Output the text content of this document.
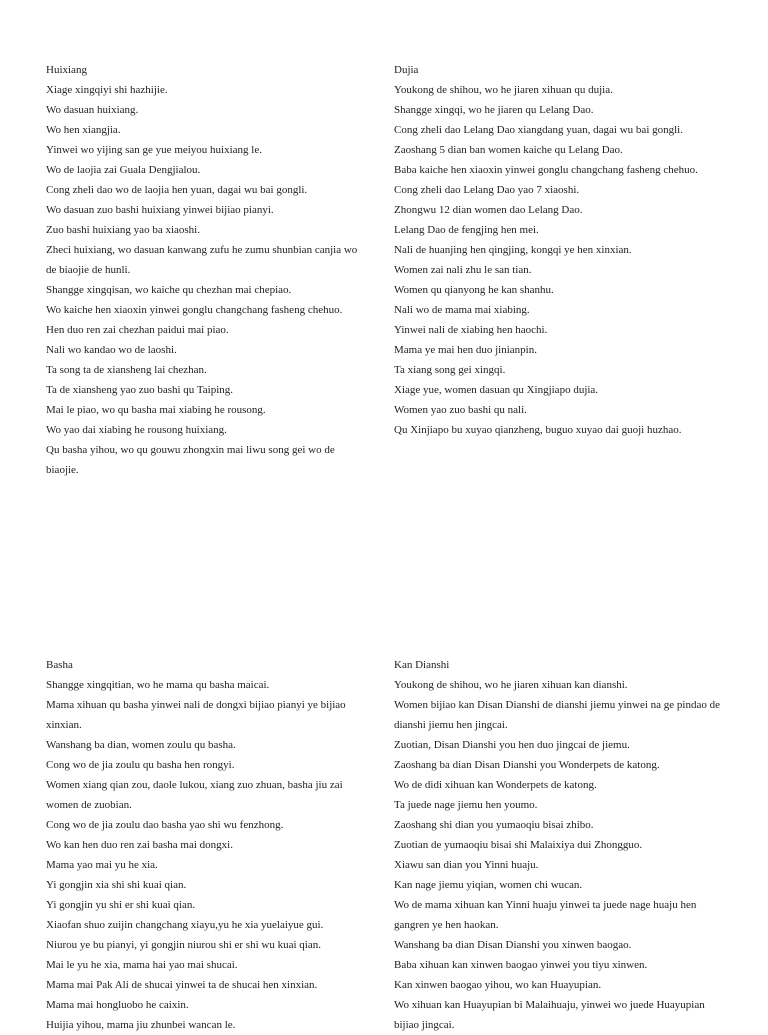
Huixiang

Xiage xingqiyi shi hazhijie.

Wo dasuan huixiang.

Wo hen xiangjia.

Yinwei wo yijing san ge yue meiyou huixiang le.

Wo de laojia zai Guala Dengjialou.

Cong zheli dao wo de laojia hen yuan, dagai wu bai gongli.

Wo dasuan zuo bashi huixiang yinwei bijiao pianyi.

Zuo bashi huixiang yao ba xiaoshi.

Zheci huixiang, wo dasuan kanwang zufu he zumu shunbian canjia wo de biaojie de hunli.

Shangge xingqisan, wo kaiche qu chezhan mai chepiao.

Wo kaiche hen xiaoxin yinwei gonglu changchang fasheng chehuo.

Hen duo ren zai chezhan paidui mai piao.

Nali wo kandao wo de laoshi.

Ta song ta de xiansheng lai chezhan.

Ta de xiansheng yao zuo bashi qu Taiping.

Mai le piao, wo qu basha mai xiabing he rousong.

Wo yao dai xiabing he rousong huixiang.

Qu basha yihou, wo qu gouwu zhongxin mai liwu song gei wo de biaojie.

Dujia

Youkong de shihou, wo he jiaren xihuan qu dujia.

Shangge xingqi, wo he jiaren qu Lelang Dao.

Cong zheli dao Lelang Dao xiangdang yuan, dagai wu bai gongli.

Zaoshang 5 dian ban women kaiche qu Lelang Dao.

Baba kaiche hen xiaoxin yinwei gonglu changchang fasheng chehuo.

Cong zheli dao Lelang Dao yao 7 xiaoshi.

Zhongwu 12 dian women dao Lelang Dao.

Lelang Dao de fengjing hen mei.

Nali de huanjing hen qingjing, kongqi ye hen xinxian.

Women zai nali zhu le san tian.

Women qu qianyong he kan shanhu.

Nali wo de mama mai xiabing.

Yinwei nali de xiabing hen haochi.

Mama ye mai hen duo jinianpin.

Ta xiang song gei xingqi.

Xiage yue, women dasuan qu Xingjiapo dujia.

Women yao zuo bashi qu nali.

Qu Xinjiapo bu xuyao qianzheng, buguo xuyao dai guoji huzhao.

Basha

Shangge xingqitian, wo he mama qu basha maicai.

Mama xihuan qu basha yinwei nali de dongxi bijiao pianyi ye bijiao xinxian.

Wanshang ba dian, women zoulu qu basha.

Cong wo de jia zoulu qu basha hen rongyi.

Women xiang qian zou, daole lukou, xiang zuo zhuan, basha jiu zai women de zuobian.

Cong wo de jia zoulu dao basha yao shi wu fenzhong.

Wo kan hen duo ren zai basha mai dongxi.

Mama yao mai yu he xia.

Yi gongjin xia shi shi kuai qian.

Yi gongjin yu shi er shi kuai qian.

Xiaofan shuo zuijin changchang xiayu,yu he xia yuelaiyue gui.

Niurou ye bu pianyi, yi gongjin niurou shi er shi wu kuai qian.

Mai le yu he xia, mama hai yao mai shucai.

Mama mai Pak Ali de shucai yinwei ta de shucai hen xinxian.

Mama mai hongluobo he caixin.

Huijia yihou, mama jiu zhunbei wancan le.

Kan Dianshi

Youkong de shihou, wo he jiaren xihuan kan dianshi.

Women bijiao kan Disan Dianshi de dianshi jiemu yinwei na ge pindao de dianshi jiemu hen jingcai.

Zuotian, Disan Dianshi you hen duo jingcai de jiemu.

Zaoshang ba dian Disan Dianshi you Wonderpets de katong.

Wo de didi xihuan kan Wonderpets de katong.

Ta juede nage jiemu hen youmo.

Zaoshang shi dian you yumaoqiu bisai zhibo.

Zuotian de yumaoqiu bisai shi Malaixiya dui Zhongguo.

Xiawu san dian you Yinni huaju.

Kan nage jiemu yiqian, women chi wucan.

Wo de mama xihuan kan Yinni huaju yinwei ta juede nage huaju hen gangren ye hen haokan.

Wanshang ba dian Disan Dianshi you xinwen baogao.

Baba xihuan kan xinwen baogao yinwei you tiyu xinwen.

Kan xinwen baogao yihou, wo kan Huayupian.

Wo xihuan kan Huayupian bi Malaihuaju, yinwei wo juede Huayupian bijiao jingcai.
